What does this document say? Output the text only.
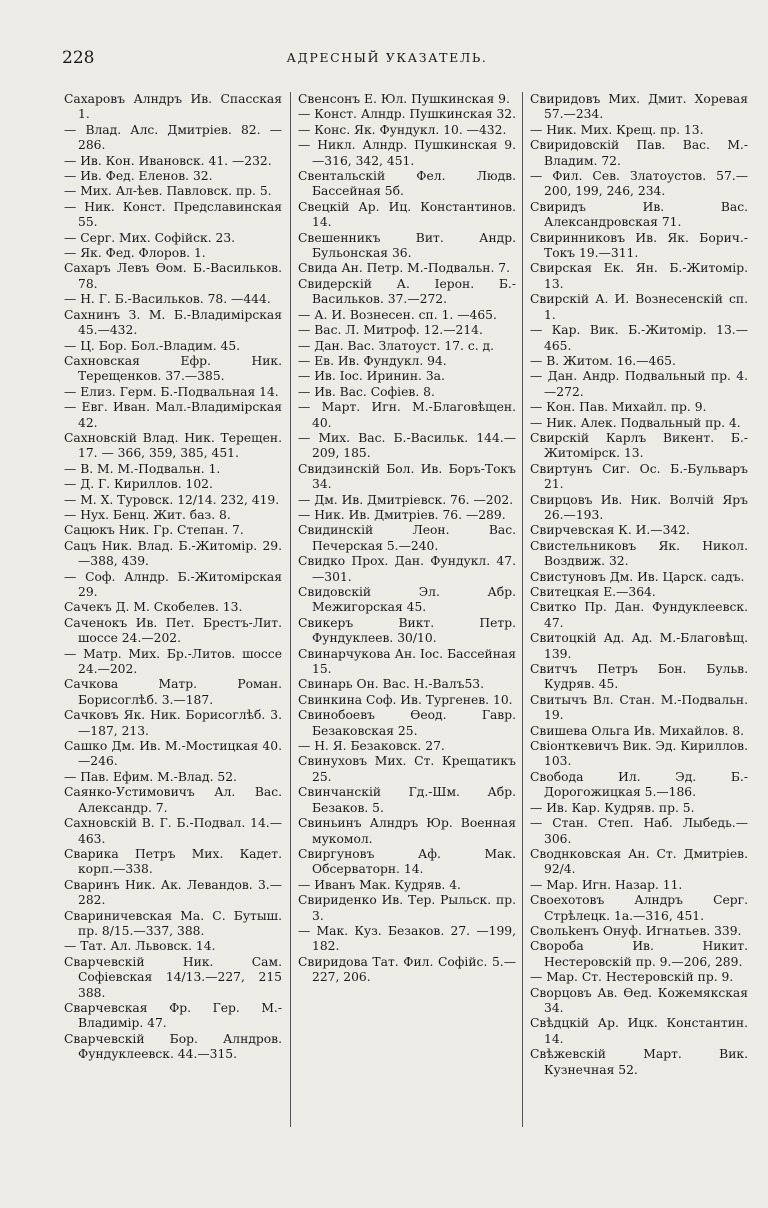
228	АДРЕСНЫЙ УКАЗАТЕЛЬ.

Сахаровъ Алндръ Ив. Спасская 1.

— Влад. Алс. Дмитріев. 82. —286.

— Ив. Кон. Ивановск. 41. —232.

— Ив. Фед. Еленов. 32.

— Мих. Ал-ѣев. Павловск. пр. 5.

— Ник. Конст. Предславинская 55.

— Серг. Мих. Софійск. 23.

— Як. Фед. Флоров. 1.

Сахаръ Левъ Ѳом. Б.-Васильков. 78.

— Н. Г. Б.-Васильков. 78. —444.

Сахнинъ З. М. Б.-Владимірская 45.—432.

— Ц. Бор. Бол.-Владим. 45.

Сахновская Ефр. Ник. Терещенков. 37.—385.

— Елиз. Герм. Б.-Подвальная 14.

— Евг. Иван. Мал.-Владимірская 42.

Сахновскій Влад. Ник. Терещен. 17. — 366, 359, 385, 451.

— В. М. М.-Подвальн. 1.

— Д. Г. Кириллов. 102.

— М. Х. Туровск. 12/14. 232, 419.

— Нух. Бенц. Жит. баз. 8.

Сацюкъ Ник. Гр. Степан. 7.

Сацъ Ник. Влад. Б.-Житомір. 29.—388, 439.

— Соф. Алндр. Б.-Житомірская 29.

Сачекъ Д. М. Скобелев. 13.

Саченокъ Ив. Пет. Брестъ-Лит. шоссе 24.—202.

— Матр. Мих. Бр.-Литов. шоссе 24.—202.

Сачкова Матр. Роман. Борисоглѣб. 3.—187.

Сачковъ Як. Ник. Борисоглѣб. 3.—187, 213.

Сашко Дм. Ив. М.-Мостицкая 40.—246.

— Пав. Ефим. М.-Влад. 52.

Саянко-Устимовичъ Ал. Вас. Александр. 7.

Сахновскій В. Г. Б.-Подвал. 14.—463.

Сварика Петръ Мих. Кадет. корп.—338.

Сваринъ Ник. Ак. Левандов. 3.—282.

Свариничевская Ма. С. Бутыш. пр. 8/15.—337, 388.

— Тат. Ал. Львовск. 14.

Сварчевскій Ник. Сам. Софіевская 14/13.—227, 215 388.

Сварчевская Фр. Гер. М.-Владимір. 47.

Сварчевскій Бор. Алндров. Фундуклеевск. 44.—315.

Свенсонъ Е. Юл. Пушкинская 9.

— Конст. Алндр. Пушкинская 32.

— Конс. Як. Фундукл. 10. —432.

— Никл. Алндр. Пушкинская 9.—316, 342, 451.

Свентальскій Фел. Людв. Бассейная 5б.

Свецкій Ар. Иц. Константинов. 14.

Свешенникъ Вит. Андр. Бульонская 36.

Свида Ан. Петр. М.-Подвальн. 7.

Свидерскій А. Іерон. Б.-Васильков. 37.—272.

— А. И. Вознесен. сп. 1. —465.

— Вас. Л. Митроф. 12.—214.

— Дан. Вас. Златоуст. 17. с. д.

— Ев. Ив. Фундукл. 94.

— Ив. Іос. Иринин. 3а.

— Ив. Вас. Софіев. 8.

— Март. Игн. М.-Благовѣщен. 40.

— Мих. Вас. Б.-Васильк. 144.—209, 185.

Свидзинскій Бол. Ив. Боръ-Токъ 34.

— Дм. Ив. Дмитріевск. 76. —202.

— Ник. Ив. Дмитріев. 76. —289.

Свидинскій Леон. Вас. Печерская 5.—240.

Свидко Прох. Дан. Фундукл. 47.—301.

Свидовскій Эл. Абр. Межигорская 45.

Свикеръ Викт. Петр. Фундуклеев. 30/10.

Свинарчукова Ан. Іос. Бассейная 15.

Свинарь Он. Вас. Н.-Валъ53.

Свинкина Соф. Ив. Тургенев. 10.

Свинобоевъ Ѳеод. Гавр. Безаковская 25.

— Н. Я. Безаковск. 27.

Свинуховъ Мих. Ст. Крещатикъ 25.

Свинчанскій Гд.-Шм. Абр. Безаков. 5.

Свиньинъ Алндръ Юр. Военная мукомол.

Свиргуновъ Аф. Мак. Обсерваторн. 14.

— Иванъ Мак. Кудряв. 4.

Свириденко Ив. Тер. Рыльск. пр. 3.

— Мак. Куз. Безаков. 27. —199, 182.

Свиридова Тат. Фил. Софійс. 5.—227, 206.

Свиридовъ Мих. Дмит. Хоревая 57.—234.

— Ник. Мих. Крещ. пр. 13.

Свиридовскій Пав. Вас. М.-Владим. 72.

— Фил. Сев. Златоустов. 57.—200, 199, 246, 234.

Свиридъ Ив. Вас. Александровская 71.

Свиринниковъ Ив. Як. Борич.-Токъ 19.—311.

Свирская Ек. Ян. Б.-Житомір. 13.

Свирскій А. И. Вознесенскій сп. 1.

— Кар. Вик. Б.-Житомір. 13.—465.

— В. Житом. 16.—465.

— Дан. Андр. Подвальный пр. 4.—272.

— Кон. Пав. Михайл. пр. 9.

— Ник. Алек. Подвальный пр. 4.

Свирскій Карлъ Викент. Б.-Житомірск. 13.

Свиртунъ Сиг. Ос. Б.-Бульваръ 21.

Свирцовъ Ив. Ник. Волчій Яръ 26.—193.

Свирчевская К. И.—342.

Свистельниковъ Як. Никол. Воздвиж. 32.

Свистуновъ Дм. Ив. Царск. садъ.

Свитецкая Е.—364.

Свитко Пр. Дан. Фундуклеевск. 47.

Свитоцкій Ад. Ад. М.-Благовѣщ. 139.

Свитчъ Петръ Бон. Бульв. Кудряв. 45.

Свитычъ Вл. Стан. М.-Подвальн. 19.

Свишева Ольга Ив. Михайлов. 8.

Свіонткевичъ Вик. Эд. Кириллов. 103.

Свобода Ил. Эд. Б.-Дорогожицкая 5.—186.

— Ив. Кар. Кудряв. пр. 5.

— Стан. Степ. Наб. Лыбедь.—306.

Своднковская Ан. Ст. Дмитріев. 92/4.

— Мар. Игн. Назар. 11.

Своехотовъ Алндръ Серг. Стрѣлецк. 1а.—316, 451.

Свольkенъ Онуф. Игнатьев. 339.

Своробa Ив. Никит. Нестеровскій пр. 9.—206, 289.

— Мар. Ст. Нестеровскій пр. 9.

Сворцовъ Ав. Ѳед. Кожемякская 34.

Свѣдцкій Ар. Ицк. Константин. 14.

Свѣжевскій Март. Вик. Кузнечная 52.
